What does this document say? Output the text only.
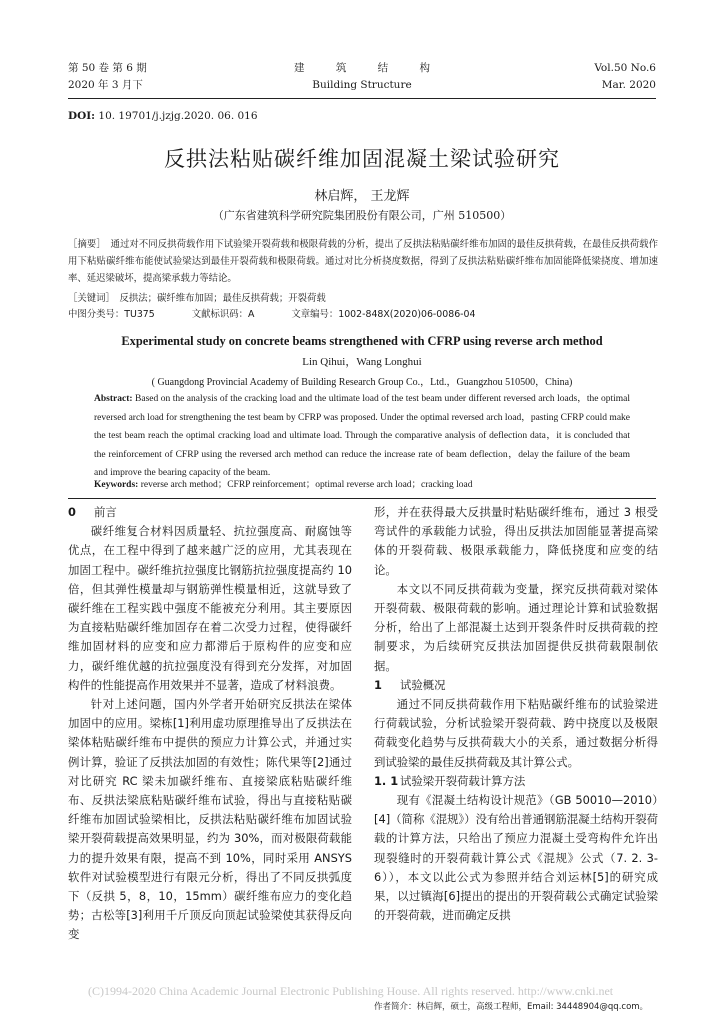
第 50 卷 第 6 期
2020 年 3 月下
建 筑 结 构
Building Structure
Vol.50 No.6
Mar. 2020
DOI: 10. 19701/j.jzjg.2020. 06. 016
反拱法粘贴碳纤维加固混凝土梁试验研究
林启辉， 王龙辉
（广东省建筑科学研究院集团股份有限公司，广州 510500）
［摘要］　通过对不同反拱荷载作用下试验梁开裂荷载和极限荷载的分析，提出了反拱法粘贴碳纤维布加固的最佳反拱荷载，在最佳反拱荷载作用下粘贴碳纤维布能使试验梁达到最佳开裂荷载和极限荷载。通过对比分析挠度数据，得到了反拱法粘贴碳纤维布加固能降低梁挠度、增加速率、延迟梁破坏，提高梁承载力等结论。
［关键词］　反拱法；碳纤维布加固；最佳反拱荷载；开裂荷载
中图分类号：TU375	文献标识码：A	文章编号：1002-848X(2020)06-0086-04
Experimental study on concrete beams strengthened with CFRP using reverse arch method
Lin Qihui，Wang Longhui
( Guangdong Provincial Academy of Building Research Group Co.，Ltd.，Guangzhou 510500，China)
Abstract: Based on the analysis of the cracking load and the ultimate load of the test beam under different reversed arch loads，the optimal reversed arch load for strengthening the test beam by CFRP was proposed. Under the optimal reversed arch load，pasting CFRP could make the test beam reach the optimal cracking load and ultimate load. Through the comparative analysis of deflection data，it is concluded that the reinforcement of CFRP using the reversed arch method can reduce the increase rate of beam deflection，delay the failure of the beam and improve the bearing capacity of the beam.
Keywords: reverse arch method；CFRP reinforcement；optimal reverse arch load；cracking load
0 前言

碳纤维复合材料因质量轻、抗拉强度高、耐腐蚀等优点，在工程中得到了越来越广泛的应用，尤其表现在加固工程中。碳纤维抗拉强度比钢筋抗拉强度提高约 10 倍，但其弹性模量却与钢筋弹性模量相近，这就导致了碳纤维在工程实践中强度不能被充分利用。其主要原因为直接粘贴碳纤维加固存在着二次受力过程，使得碳纤维加固材料的应变和应力都滞后于原构件的应变和应力，碳纤维优越的抗拉强度没有得到充分发挥，对加固构件的性能提高作用效果并不显著，造成了材料浪费。

针对上述问题，国内外学者开始研究反拱法在梁体加固中的应用。梁栋[1]利用虚功原理推导出了反拱法在梁体粘贴碳纤维布中提供的预应力计算公式，并通过实例计算，验证了反拱法加固的有效性；陈代果等[2]通过对比研究 RC 梁未加碳纤维布、直接梁底粘贴碳纤维布、反拱法梁底粘贴碳纤维布试验，得出与直接粘贴碳纤维布加固试验梁相比，反拱法粘贴碳纤维布加固试验梁开裂荷载提高效果明显，约为 30%，而对极限荷载能力的提升效果有限，提高不到 10%，同时采用 ANSYS 软件对试验模型进行有限元分析，得出了不同反拱弧度下（反拱 5，8，10，15mm）碳纤维布应力的变化趋势；古松等[3]利用千斤顶反向顶起试验梁使其获得反向变

形，并在获得最大反拱量时粘贴碳纤维布，通过 3 根受弯试件的承载能力试验，得出反拱法加固能显著提高梁体的开裂荷载、极限承载能力，降低挠度和应变的结论。

本文以不同反拱荷载为变量，探究反拱荷载对梁体开裂荷载、极限荷载的影响。通过理论计算和试验数据分析，给出了上部混凝土达到开裂条件时反拱荷载的控制要求，为后续研究反拱法加固提供反拱荷载限制依据。

1 试验概况

通过不同反拱荷载作用下粘贴碳纤维布的试验梁进行荷载试验，分析试验梁开裂荷载、跨中挠度以及极限荷载变化趋势与反拱荷载大小的关系，通过数据分析得到试验梁的最佳反拱荷载及其计算公式。

1. 1 试验梁开裂荷载计算方法

现有《混凝土结构设计规范》（GB 50010—2010）[4]（简称《混规》）没有给出普通钢筋混凝土结构开裂荷载的计算方法，只给出了预应力混凝土受弯构件允许出现裂缝时的开裂荷载计算公式《混规》公式（7. 2. 3-6）），本文以此公式为参照并结合刘运林[5]的研究成果，以过镇海[6]提出的提出的开裂荷载公式确定试验梁的开裂荷载，进而确定反拱

作者简介：林启辉，硕士，高级工程师，Email: 34448904@qq.com。
(C)1994-2020 China Academic Journal Electronic Publishing House. All rights reserved. http://www.cnki.net
